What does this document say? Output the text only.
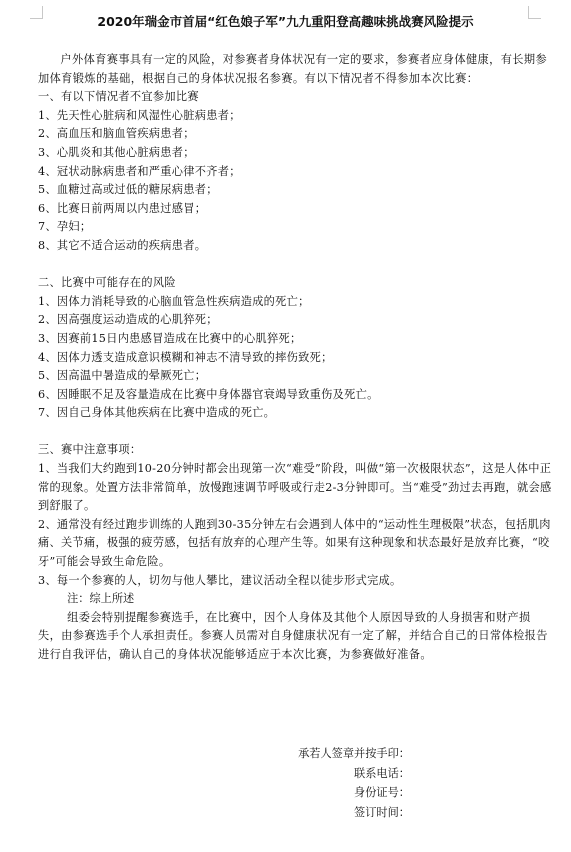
2020年瑞金市首届“红色娘子军”九九重阳登高趣味挑战赛风险提示

户外体育赛事具有一定的风险，对参赛者身体状况有一定的要求，参赛者应身体健康，有长期参加体育锻炼的基础，根据自己的身体状况报名参赛。有以下情况者不得参加本次比赛：

一、有以下情况者不宜参加比赛

1、先天性心脏病和风湿性心脏病患者；

2、高血压和脑血管疾病患者；

3、心肌炎和其他心脏病患者；

4、冠状动脉病患者和严重心律不齐者；

5、血糖过高或过低的糖尿病患者；

6、比赛日前两周以内患过感冒；

7、孕妇；

8、其它不适合运动的疾病患者。

二、比赛中可能存在的风险

1、因体力消耗导致的心脑血管急性疾病造成的死亡；

2、因高强度运动造成的心肌猝死；

3、因赛前15日内患感冒造成在比赛中的心肌猝死；

4、因体力透支造成意识模糊和神志不清导致的摔伤致死；

5、因高温中暑造成的晕厥死亡；

6、因睡眠不足及容量造成在比赛中身体器官衰竭导致重伤及死亡。

7、因自己身体其他疾病在比赛中造成的死亡。

三、赛中注意事项：

1、当我们大约跑到10-20分钟时都会出现第一次“难受”阶段，叫做“第一次极限状态”，这是人体中正常的现象。处置方法非常简单，放慢跑速调节呼吸或行走2-3分钟即可。当“难受”劲过去再跑，就会感到舒服了。

2、通常没有经过跑步训练的人跑到30-35分钟左右会遇到人体中的“运动性生理极限”状态，包括肌肉痛、关节痛，极强的疲劳感，包括有放弃的心理产生等。如果有这种现象和状态最好是放弃比赛，“咬牙”可能会导致生命危险。

3、每一个参赛的人，切勿与他人攀比，建议活动全程以徒步形式完成。

注：综上所述

组委会特别提醒参赛选手，在比赛中，因个人身体及其他个人原因导致的人身损害和财产损失，由参赛选手个人承担责任。参赛人员需对自身健康状况有一定了解，并结合自己的日常体检报告进行自我评估，确认自己的身体状况能够适应于本次比赛，为参赛做好准备。

承若人签章并按手印：
联系电话：
身份证号：
签订时间：
